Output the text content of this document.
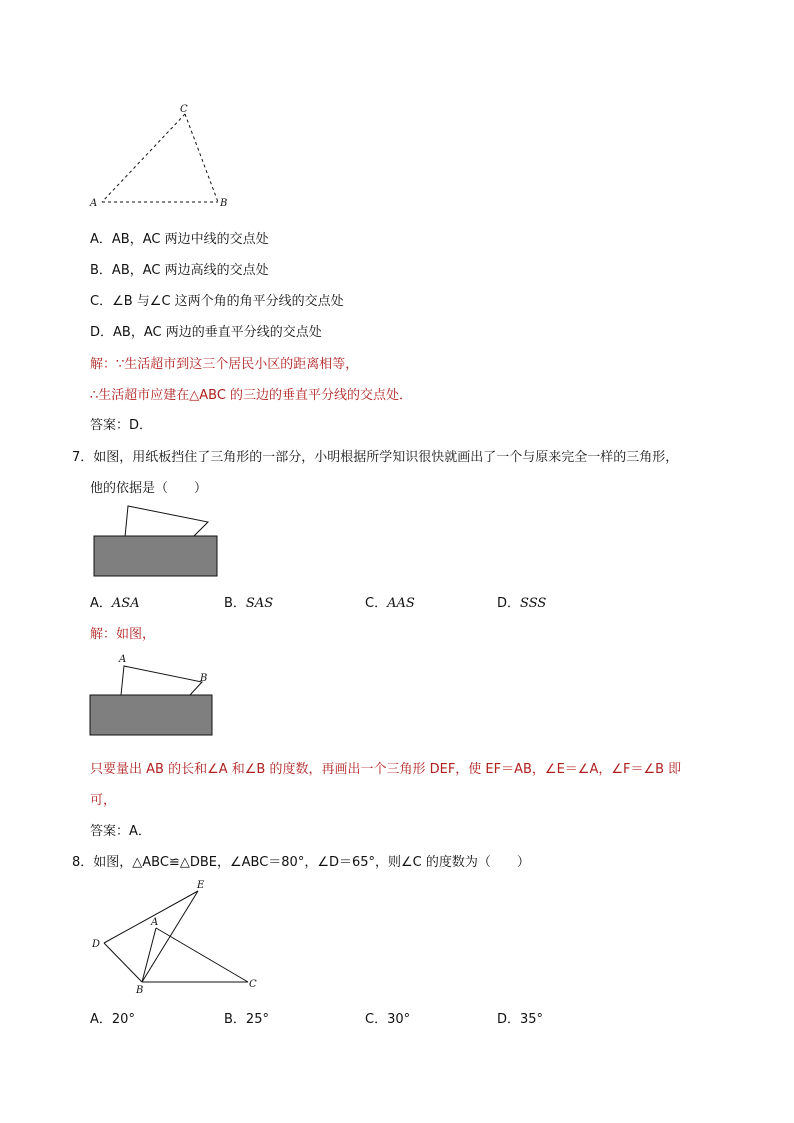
C
A	B
A．AB，AC 两边中线的交点处
B．AB，AC 两边高线的交点处
C．∠B 与∠C 这两个角的角平分线的交点处
D．AB，AC 两边的垂直平分线的交点处
解：∵生活超市到这三个居民小区的距离相等，
∴生活超市应建在△ABC 的三边的垂直平分线的交点处．
答案：D．
7．如图，用纸板挡住了三角形的一部分，小明根据所学知识很快就画出了一个与原来完全一样的三角形，
他的依据是（　　）
A．ASA	B．SAS	C．AAS	D．SSS
解：如图，
A
B
只要量出 AB 的长和∠A 和∠B 的度数，再画出一个三角形 DEF，使 EF＝AB，∠E＝∠A，∠F＝∠B 即
可，
答案：A．
8．如图，△ABC≌△DBE，∠ABC＝80°，∠D＝65°，则∠C 的度数为（　　）
E
A
D
B
C
A．20°	B．25°	C．30°	D．35°
